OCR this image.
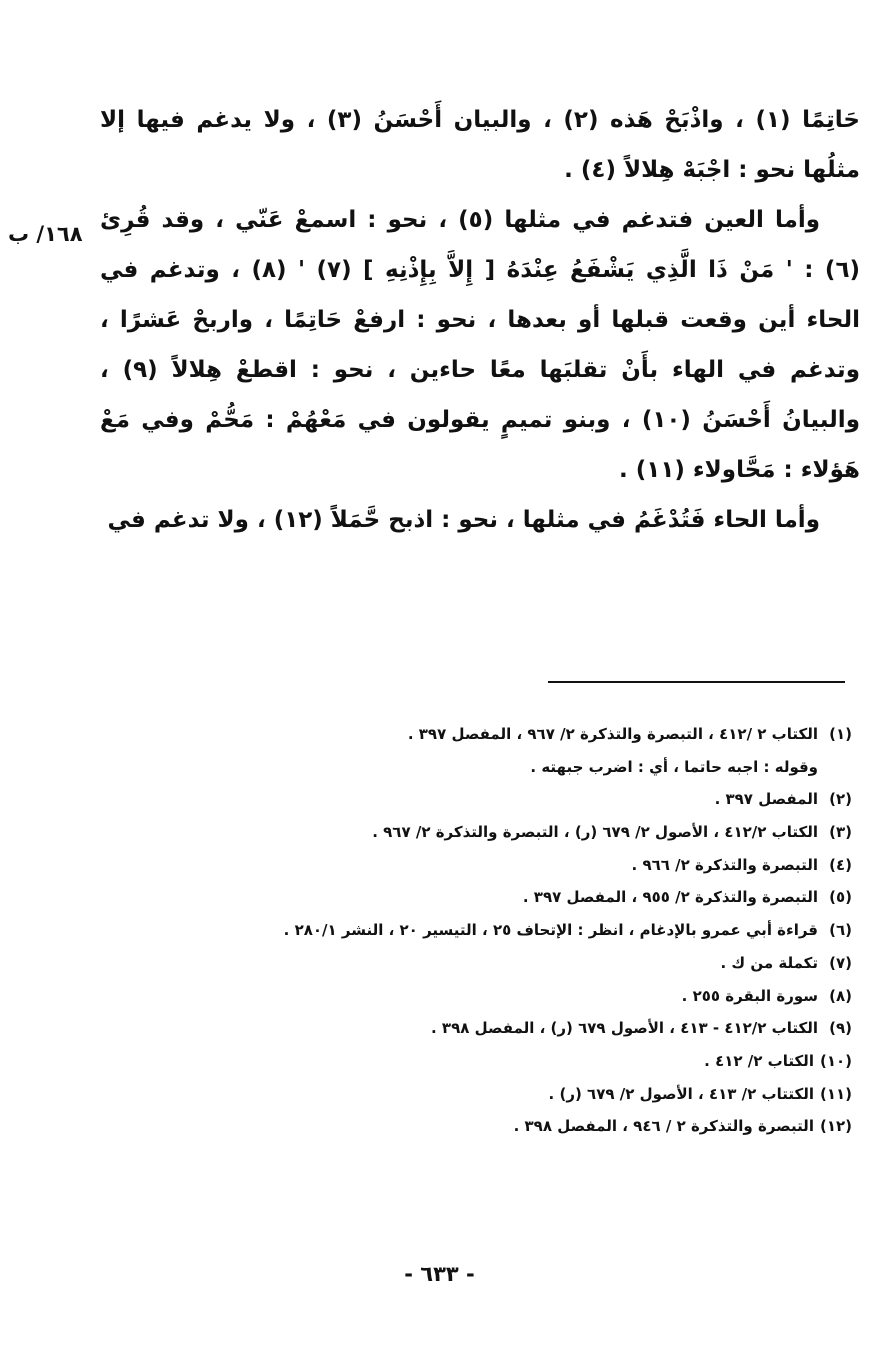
حَاتِمًا (١) ، واذْبَحْ هَذه (٢) ، والبيان أَحْسَنُ (٣) ، ولا يدغم فيها إلا مثلُها نحو : اجْبَهْ هِلالاً (٤) .

وأما العين فتدغم في مثلها (٥) ، نحو : اسمعْ عَنّي ، وقد قُرِئ (٦) : ' مَنْ ذَا الَّذِي يَشْفَعُ عِنْدَهُ [ إِلاَّ بِإِذْنِهِ ] (٧) ' (٨) ، وتدغم في الحاء أين وقعت قبلها أو بعدها ، نحو : ارفعْ حَاتِمًا ، واربحْ عَشرًا ، وتدغم في الهاء بأَنْ تقلبَها معًا حاءين ، نحو : اقطعْ هِلالاً (٩) ، والبيانُ أَحْسَنُ (١٠) ، وبنو تميمٍ يقولون في مَعْهُمْ : مَحُّمْ وفي مَعْ هَؤلاء : مَحَّاولاء (١١) .

وأما الحاء فَتُدْغَمُ في مثلها ، نحو : اذبح حَّمَلاً (١٢) ، ولا تدغم في

١٦٨/ ب
(١)الكتاب ٢ /٤١٢ ، التبصرة والتذكرة ٢/ ٩٦٧ ، المفصل ٣٩٧ .
وقوله : اجبه حاتما ، أي : اضرب جبهته .
(٢)المفصل ٣٩٧ .
(٣)الكتاب ٤١٢/٢ ، الأصول ٢/ ٦٧٩ (ر) ، التبصرة والتذكرة ٢/ ٩٦٧ .
(٤)التبصرة والتذكرة ٢/ ٩٦٦ .
(٥)التبصرة والتذكرة ٢/ ٩٥٥ ، المفصل ٣٩٧ .
(٦)قراءة أبي عمرو بالإدغام ، انظر : الإتحاف ٢٥ ، التيسير ٢٠ ، النشر ٢٨٠/١ .
(٧)تكملة من ك .
(٨)سورة البقرة ٢٥٥ .
(٩)الكتاب ٤١٢/٢ - ٤١٣ ، الأصول ٦٧٩ (ر) ، المفصل ٣٩٨ .
(١٠)الكتاب ٢/ ٤١٢ .
(١١)الكتتاب ٢/ ٤١٣ ، الأصول ٢/ ٦٧٩ (ر) .
(١٢)التبصرة والتذكرة ٢ / ٩٤٦ ، المفصل ٣٩٨ .
- ٦٣٣ -
